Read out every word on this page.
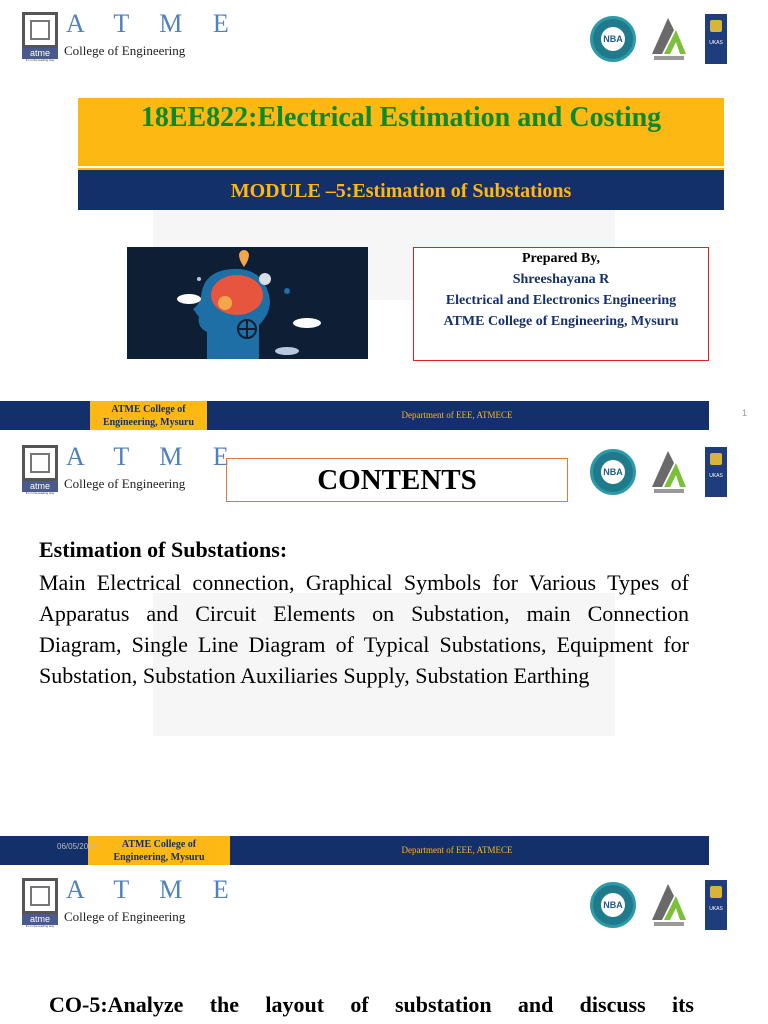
atme
It's in the leading way
A T M E
College of Engineering
NBA	UKAS
18EE822:Electrical Estimation and Costing
MODULE –5:Estimation of Substations
Prepared By,
Shreeshayana R
Electrical and Electronics Engineering
ATME College of Engineering, Mysuru
ATME College of
Engineering, Mysuru
Department of EEE, ATMECE	1
atme
It's in the leading way
A T M E
College of Engineering
NBA	UKAS
CONTENTS
Estimation of Substations:
Main Electrical connection, Graphical Symbols for Various Types of Apparatus and Circuit Elements on Substation, main Connection Diagram, Single Line Diagram of Typical Substations, Equipment for Substation, Substation Auxiliaries Supply, Substation Earthing
ATME College of
Engineering, Mysuru
06/05/2024	Department of EEE, ATMECE
atme
It's in the leading way
A T M E
College of Engineering
NBA	UKAS
CO-5:Analyze the layout of substation and discuss its
